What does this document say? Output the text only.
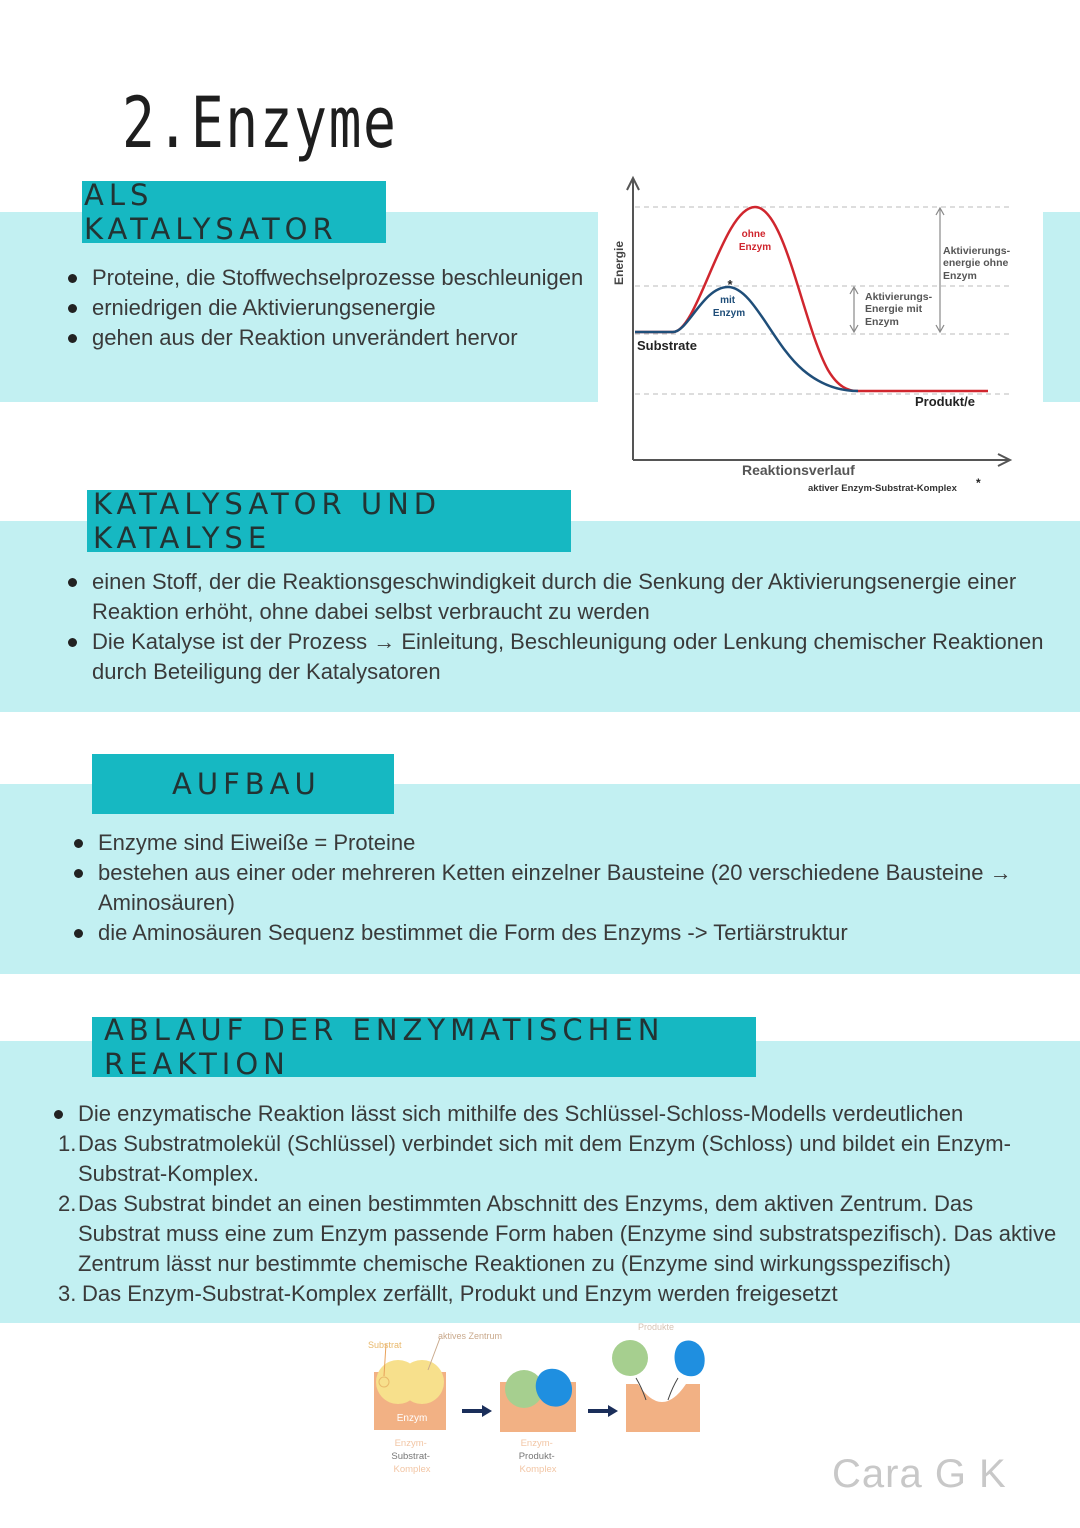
2.Enzyme
ALS KATALYSATOR
Proteine, die Stoffwechselprozesse beschleunigen
erniedrigen die Aktivierungsenergie
gehen aus der Reaktion unverändert hervor
Energie
ohne Enzym
*
mit Enzym
Aktivierungs- energie ohne Enzym
Aktivierungs- Energie mit Enzym
Substrate
Produkt/e
Reaktionsverlauf
aktiver Enzym-Substrat-Komplex *
KATALYSATOR UND KATALYSE
einen Stoff, der die Reaktionsgeschwindigkeit durch die Senkung der Aktivierungsenergie einer Reaktion erhöht, ohne dabei selbst verbraucht zu werden
Die Katalyse ist der Prozess → Einleitung, Beschleunigung oder Lenkung chemischer Reaktionen durch Beteiligung der Katalysatoren
AUFBAU
Enzyme sind Eiweiße = Proteine
bestehen aus einer oder mehreren Ketten einzelner Bausteine (20 verschiedene Bausteine → Aminosäuren)
die Aminosäuren Sequenz bestimmet die Form des Enzyms -> Tertiärstruktur
ABLAUF DER ENZYMATISCHEN REAKTION
Die enzymatische Reaktion lässt sich mithilfe des Schlüssel-Schloss-Modells verdeutlichen
1. Das Substratmolekül (Schlüssel) verbindet sich mit dem Enzym (Schloss) und bildet ein Enzym-Substrat-Komplex.
2. Das Substrat bindet an einen bestimmten Abschnitt des Enzyms, dem aktiven Zentrum. Das Substrat muss eine zum Enzym passende Form haben (Enzyme sind substratspezifisch). Das aktive Zentrum lässt nur bestimmte chemische Reaktionen zu (Enzyme sind wirkungsspezifisch)
3. Das Enzym-Substrat-Komplex zerfällt, Produkt und Enzym werden freigesetzt
Substrat
aktives Zentrum
Enzym
Enzym- Substrat- Komplex
Enzym- Produkt- Komplex
Produkte
Cara G K
